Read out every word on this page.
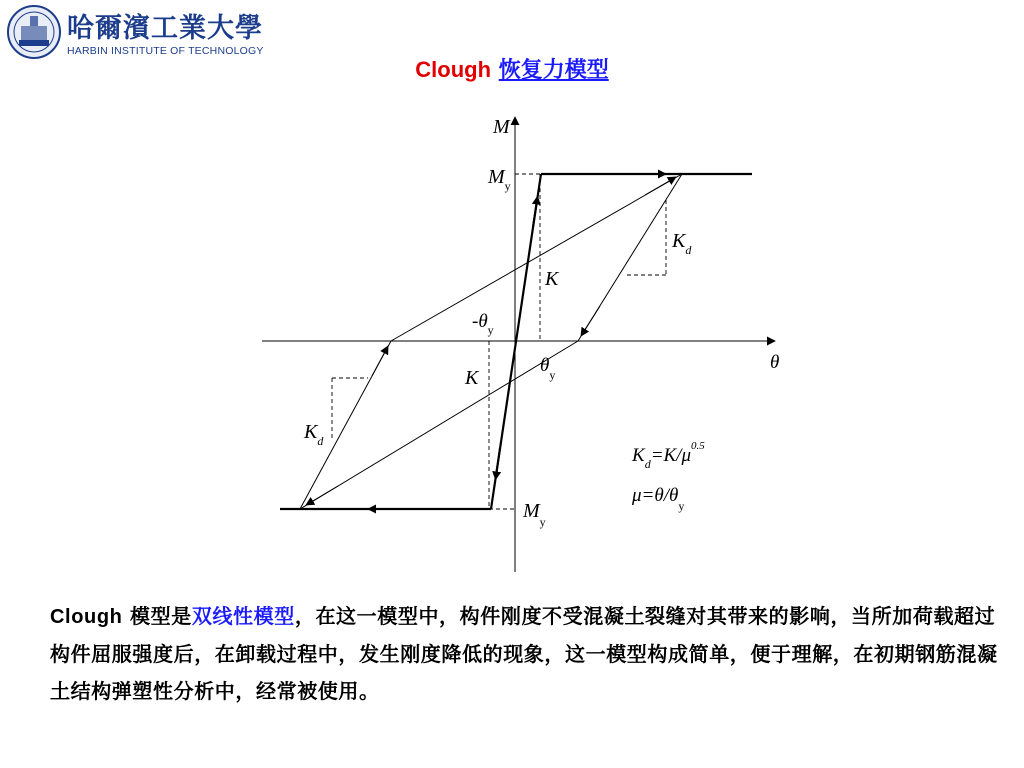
哈爾濱工業大學
HARBIN INSTITUTE OF TECHNOLOGY
Clough 恢复力模型
M
θ
$M_y$
$M_y$
K
K
$K_d$
$K_d$
$-\theta_y$
$\theta_y$
$K_d=K/\mu^{0.5}$
$\mu=\theta/\theta_y$
Clough 模型是双线性模型，在这一模型中，构件刚度不受混凝土裂缝对其带来的影响，当所加荷载超过构件屈服强度后，在卸载过程中，发生刚度降低的现象，这一模型构成简单，便于理解，在初期钢筋混凝土结构弹塑性分析中，经常被使用。
